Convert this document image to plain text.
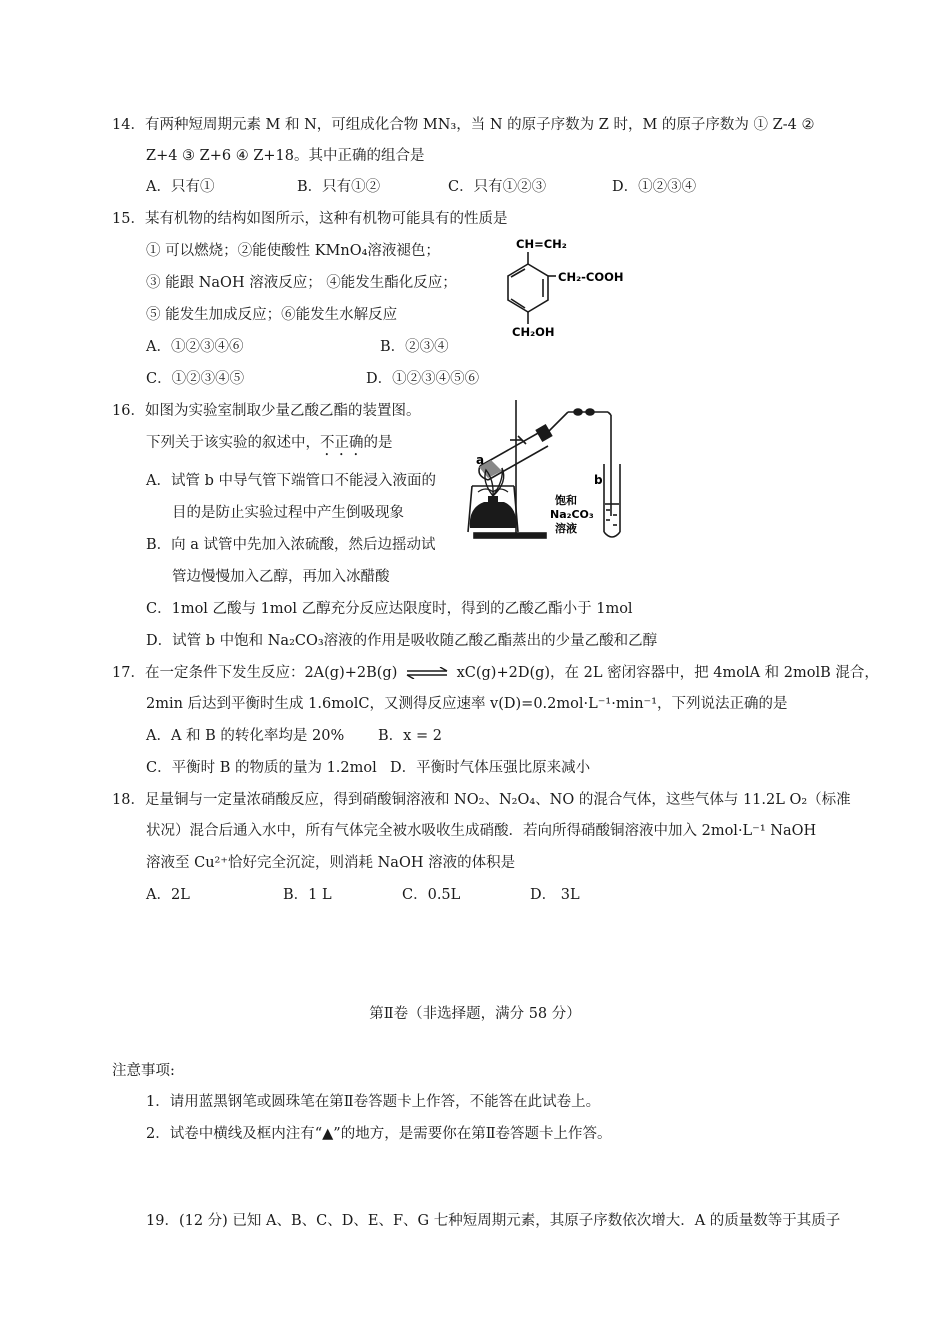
14．有两种短周期元素 M 和 N，可组成化合物 MN₃，当 N 的原子序数为 Z 时，M 的原子序数为 ① Z-4 ②
Z+4 ③ Z+6 ④ Z+18。其中正确的组合是
A．只有①	B．只有①②	C．只有①②③	D．①②③④
15．某有机物的结构如图所示，这种有机物可能具有的性质是
① 可以燃烧；②能使酸性 KMnO₄溶液褪色；
③ 能跟 NaOH 溶液反应； ④能发生酯化反应；
⑤ 能发生加成反应；⑥能发生水解反应
A．①②③④⑥	B．②③④
C．①②③④⑤	D．①②③④⑤⑥
CH=CH₂
CH₂-COOH
CH₂OH
16．如图为实验室制取少量乙酸乙酯的装置图。
下列关于该实验的叙述中，不正确的是
A．试管 b 中导气管下端管口不能浸入液面的
目的是防止实验过程中产生倒吸现象
B．向 a 试管中先加入浓硫酸，然后边摇动试
管边慢慢加入乙醇，再加入冰醋酸
C．1mol 乙酸与 1mol 乙醇充分反应达限度时，得到的乙酸乙酯小于 1mol
D．试管 b 中饱和 Na₂CO₃溶液的作用是吸收随乙酸乙酯蒸出的少量乙酸和乙醇
a
b
饱和
Na₂CO₃
溶液
17．在一定条件下发生反应：2A(g)+2B(g) ⇌ xC(g)+2D(g)，在 2L 密闭容器中，把 4molA 和 2molB 混合，
2min 后达到平衡时生成 1.6molC，又测得反应速率 v(D)=0.2mol·L⁻¹·min⁻¹，下列说法正确的是
A．A 和 B 的转化率均是 20% B．x = 2
C．平衡时 B 的物质的量为 1.2mol D．平衡时气体压强比原来减小
18．足量铜与一定量浓硝酸反应，得到硝酸铜溶液和 NO₂、N₂O₄、NO 的混合气体，这些气体与 11.2L O₂（标准
状况）混合后通入水中，所有气体完全被水吸收生成硝酸．若向所得硝酸铜溶液中加入 2mol·L⁻¹ NaOH
溶液至 Cu²⁺恰好完全沉淀，则消耗 NaOH 溶液的体积是
A．2L	B．1 L	C．0.5L	D． 3L
第Ⅱ卷（非选择题，满分 58 分）
注意事项:
1．请用蓝黑钢笔或圆珠笔在第Ⅱ卷答题卡上作答，不能答在此试卷上。
2．试卷中横线及框内注有“▲”的地方，是需要你在第Ⅱ卷答题卡上作答。
19．(12 分) 已知 A、B、C、D、E、F、G 七种短周期元素，其原子序数依次增大．A 的质量数等于其质子
